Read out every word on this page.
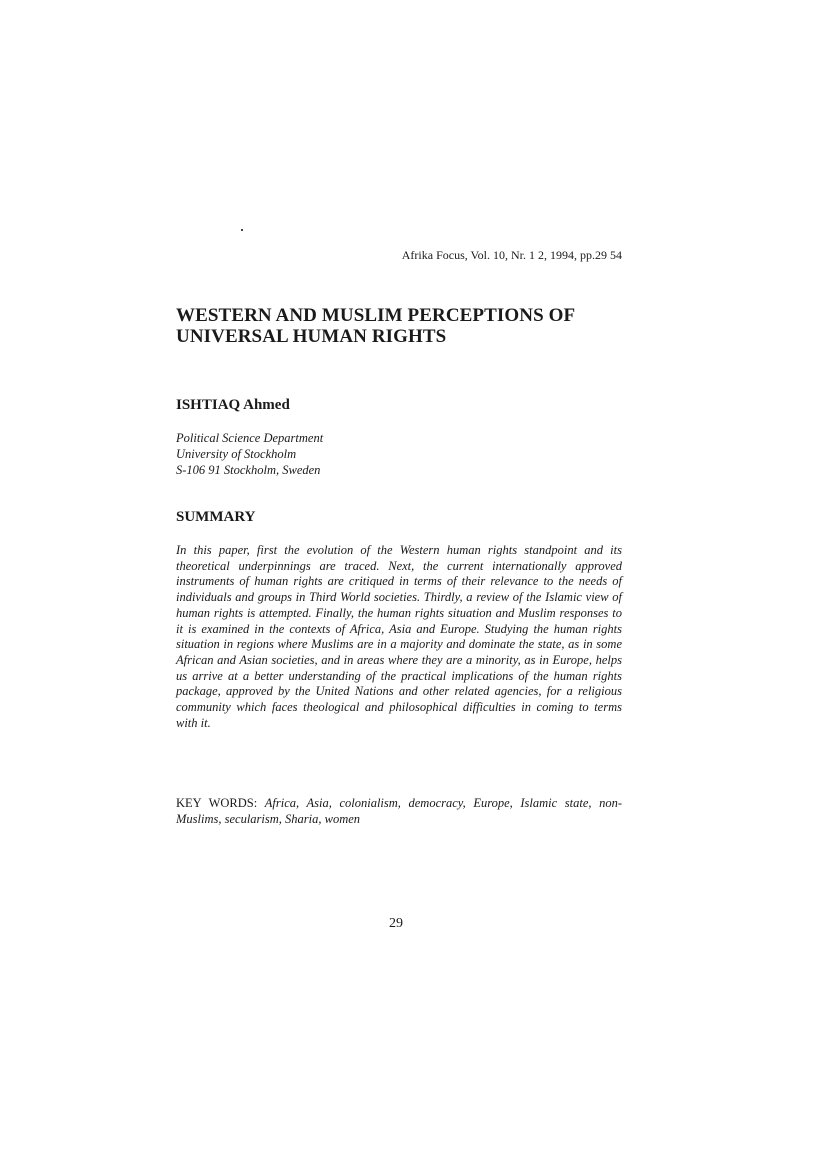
Afrika Focus, Vol. 10, Nr. 1 2, 1994, pp.29 54
WESTERN AND MUSLIM PERCEPTIONS OF UNIVERSAL HUMAN RIGHTS
ISHTIAQ Ahmed
Political Science Department
University of Stockholm
S-106 91 Stockholm, Sweden
SUMMARY

In this paper, first the evolution of the Western human rights standpoint and its theoretical underpinnings are traced. Next, the current internationally approved instruments of human rights are critiqued in terms of their relevance to the needs of individuals and groups in Third World societies. Thirdly, a review of the Islamic view of human rights is attempted. Finally, the human rights situation and Muslim responses to it is examined in the contexts of Africa, Asia and Europe. Studying the human rights situation in regions where Muslims are in a majority and dominate the state, as in some African and Asian societies, and in areas where they are a minority, as in Europe, helps us arrive at a better understanding of the practical implications of the human rights package, approved by the United Nations and other related agencies, for a religious community which faces theological and philosophical difficulties in coming to terms with it.

KEY WORDS: Africa, Asia, colonialism, democracy, Europe, Islamic state, non-Muslims, secularism, Sharia, women

29
